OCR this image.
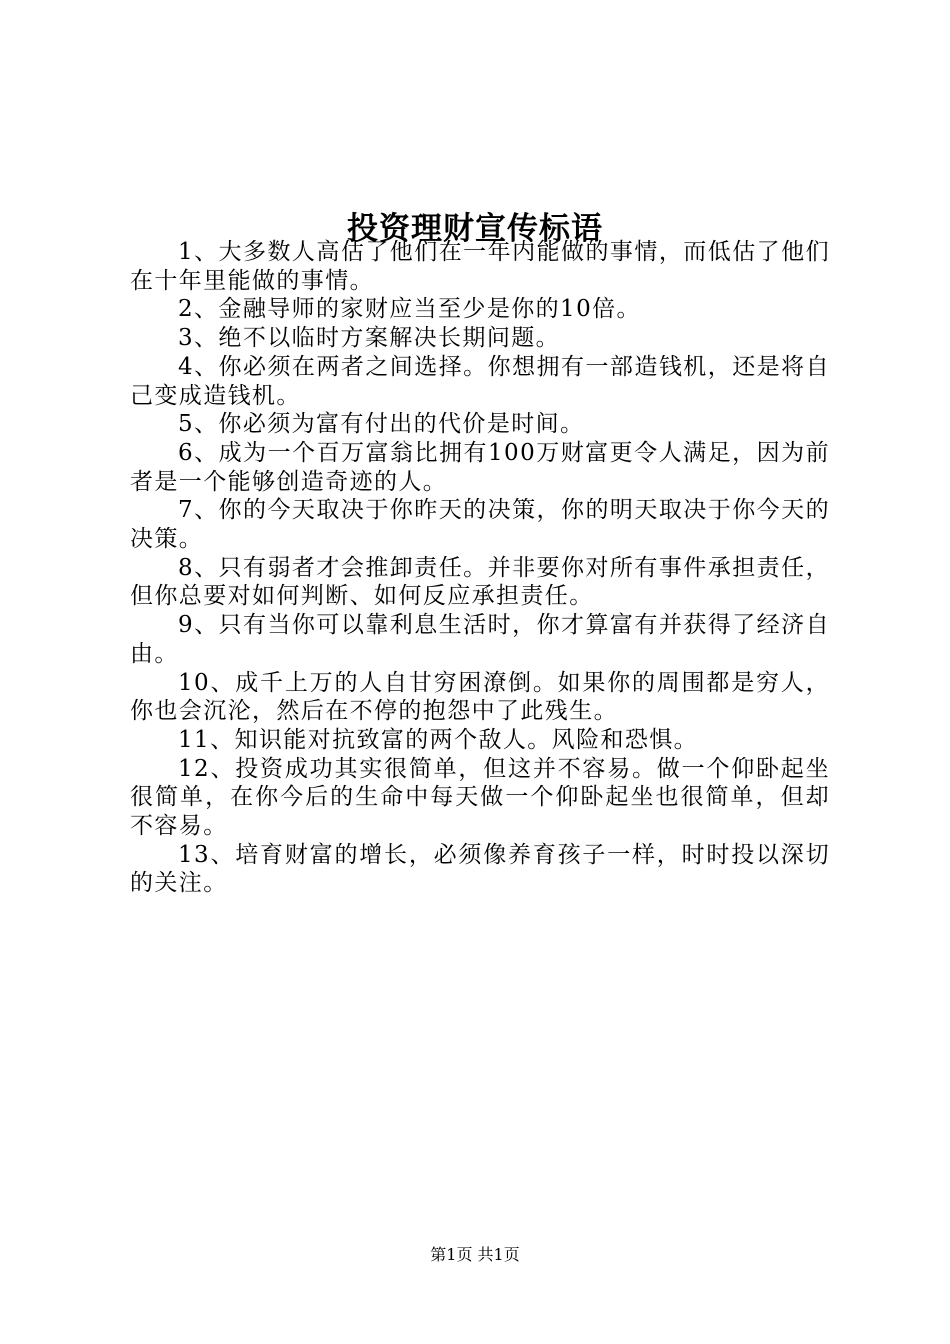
投资理财宣传标语

1、大多数人高估了他们在一年内能做的事情，而低估了他们在十年里能做的事情。

2、金融导师的家财应当至少是你的10倍。

3、绝不以临时方案解决长期问题。

4、你必须在两者之间选择。你想拥有一部造钱机，还是将自己变成造钱机。

5、你必须为富有付出的代价是时间。

6、成为一个百万富翁比拥有100万财富更令人满足，因为前者是一个能够创造奇迹的人。

7、你的今天取决于你昨天的决策，你的明天取决于你今天的决策。

8、只有弱者才会推卸责任。并非要你对所有事件承担责任，但你总要对如何判断、如何反应承担责任。

9、只有当你可以靠利息生活时，你才算富有并获得了经济自由。

10、成千上万的人自甘穷困潦倒。如果你的周围都是穷人，你也会沉沦，然后在不停的抱怨中了此残生。

11、知识能对抗致富的两个敌人。风险和恐惧。

12、投资成功其实很简单，但这并不容易。做一个仰卧起坐很简单，在你今后的生命中每天做一个仰卧起坐也很简单，但却不容易。

13、培育财富的增长，必须像养育孩子一样，时时投以深切的关注。

第1页 共1页
